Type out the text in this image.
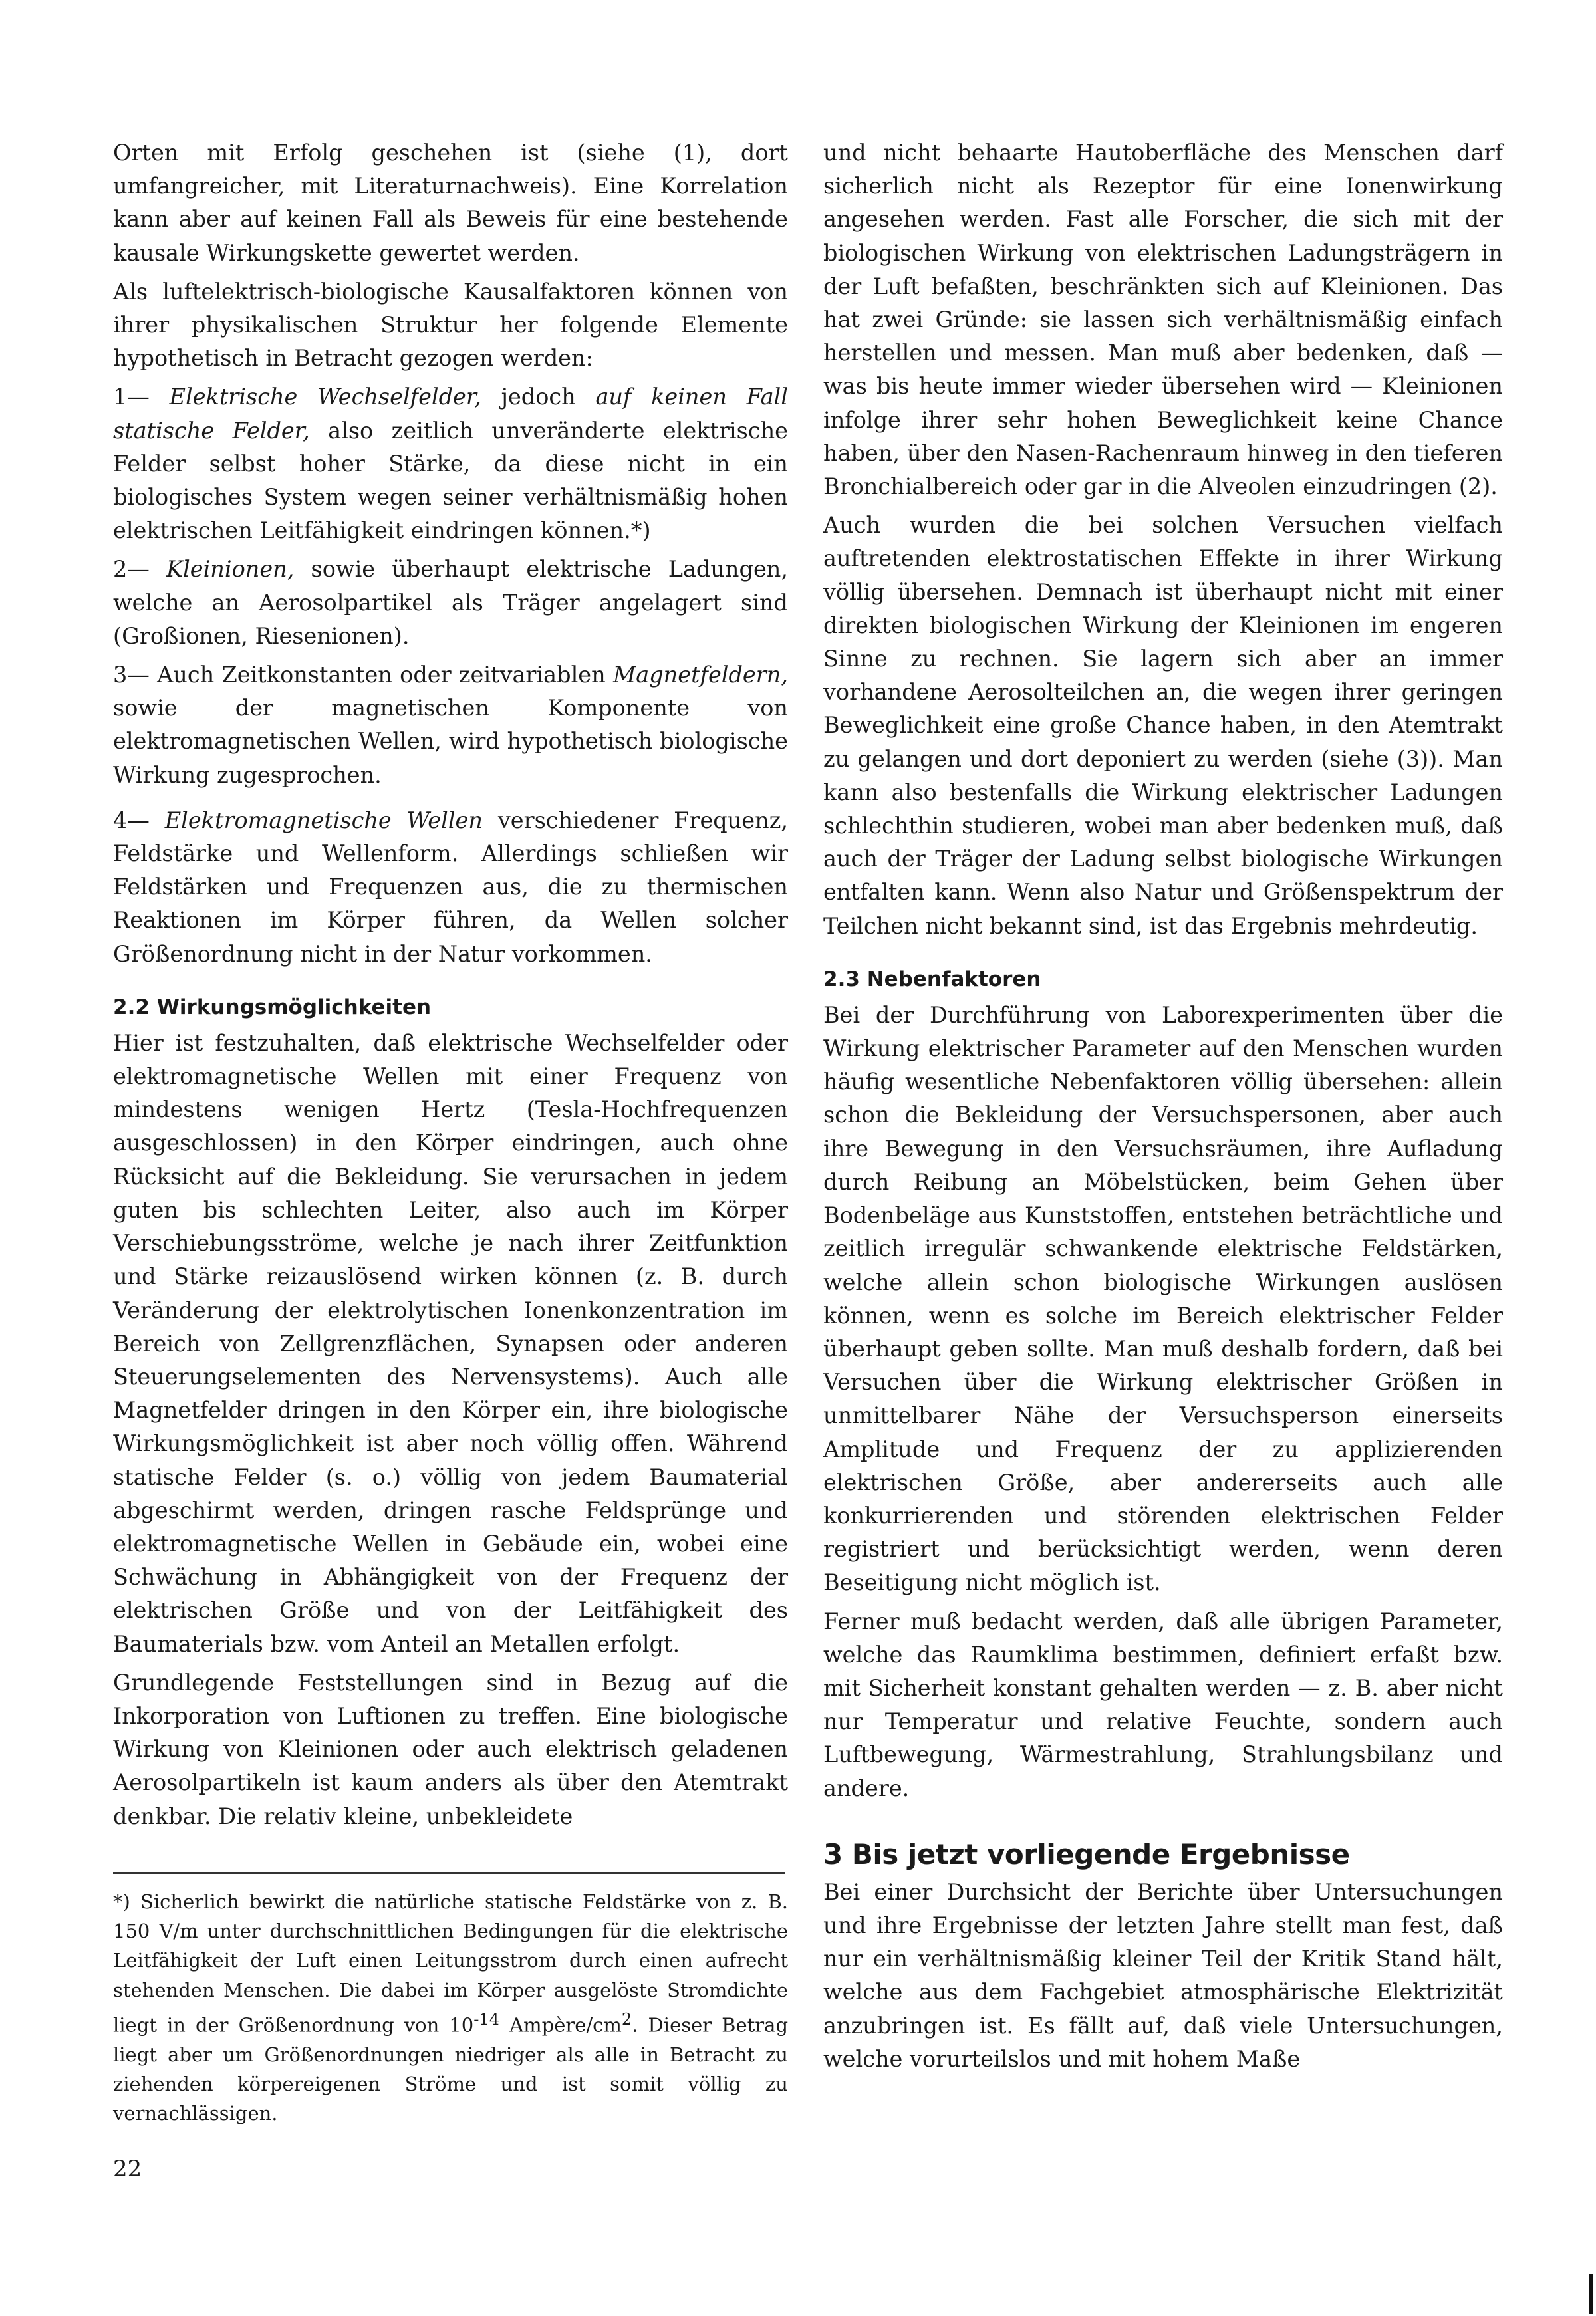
Orten mit Erfolg geschehen ist (siehe (1), dort umfangreicher, mit Literaturnachweis). Eine Korrelation kann aber auf keinen Fall als Beweis für eine bestehende kausale Wirkungskette gewertet werden.

Als luftelektrisch-biologische Kausalfaktoren können von ihrer physikalischen Struktur her folgende Elemente hypothetisch in Betracht gezogen werden:

1— Elektrische Wechselfelder, jedoch auf keinen Fall statische Felder, also zeitlich unveränderte elektrische Felder selbst hoher Stärke, da diese nicht in ein biologisches System wegen seiner verhältnismäßig hohen elektrischen Leitfähigkeit eindringen können.*)

2— Kleinionen, sowie überhaupt elektrische Ladungen, welche an Aerosolpartikel als Träger angelagert sind (Großionen, Riesenionen).

3— Auch Zeitkonstanten oder zeitvariablen Magnetfeldern, sowie der magnetischen Komponente von elektromagnetischen Wellen, wird hypothetisch biologische Wirkung zugesprochen.

4— Elektromagnetische Wellen verschiedener Frequenz, Feldstärke und Wellenform. Allerdings schließen wir Feldstärken und Frequenzen aus, die zu thermischen Reaktionen im Körper führen, da Wellen solcher Größenordnung nicht in der Natur vorkommen.

2.2 Wirkungsmöglichkeiten

Hier ist festzuhalten, daß elektrische Wechselfelder oder elektromagnetische Wellen mit einer Frequenz von mindestens wenigen Hertz (Tesla-Hochfrequenzen ausgeschlossen) in den Körper eindringen, auch ohne Rücksicht auf die Bekleidung. Sie verursachen in jedem guten bis schlechten Leiter, also auch im Körper Verschiebungsströme, welche je nach ihrer Zeitfunktion und Stärke reizauslösend wirken können (z. B. durch Veränderung der elektrolytischen Ionenkonzentration im Bereich von Zellgrenzflächen, Synapsen oder anderen Steuerungselementen des Nervensystems). Auch alle Magnetfelder dringen in den Körper ein, ihre biologische Wirkungsmöglichkeit ist aber noch völlig offen. Während statische Felder (s. o.) völlig von jedem Baumaterial abgeschirmt werden, dringen rasche Feldsprünge und elektromagnetische Wellen in Gebäude ein, wobei eine Schwächung in Abhängigkeit von der Frequenz der elektrischen Größe und von der Leitfähigkeit des Baumaterials bzw. vom Anteil an Metallen erfolgt.

Grundlegende Feststellungen sind in Bezug auf die Inkorporation von Luftionen zu treffen. Eine biologische Wirkung von Kleinionen oder auch elektrisch geladenen Aerosolpartikeln ist kaum anders als über den Atemtrakt denkbar. Die relativ kleine, unbekleidete

*) Sicherlich bewirkt die natürliche statische Feldstärke von z. B. 150 V/m unter durchschnittlichen Bedingungen für die elektrische Leitfähigkeit der Luft einen Leitungsstrom durch einen aufrecht stehenden Menschen. Die dabei im Körper ausgelöste Stromdichte liegt in der Größenordnung von $10^{-14}$ Ampère/$cm^2$. Dieser Betrag liegt aber um Größenordnungen niedriger als alle in Betracht zu ziehenden körpereigenen Ströme und ist somit völlig zu vernachlässigen.

22

und nicht behaarte Hautoberfläche des Menschen darf sicherlich nicht als Rezeptor für eine Ionenwirkung angesehen werden. Fast alle Forscher, die sich mit der biologischen Wirkung von elektrischen Ladungsträgern in der Luft befaßten, beschränkten sich auf Kleinionen. Das hat zwei Gründe: sie lassen sich verhältnismäßig einfach herstellen und messen. Man muß aber bedenken, daß — was bis heute immer wieder übersehen wird — Kleinionen infolge ihrer sehr hohen Beweglichkeit keine Chance haben, über den Nasen-Rachenraum hinweg in den tieferen Bronchialbereich oder gar in die Alveolen einzudringen (2).

Auch wurden die bei solchen Versuchen vielfach auftretenden elektrostatischen Effekte in ihrer Wirkung völlig übersehen. Demnach ist überhaupt nicht mit einer direkten biologischen Wirkung der Kleinionen im engeren Sinne zu rechnen. Sie lagern sich aber an immer vorhandene Aerosolteilchen an, die wegen ihrer geringen Beweglichkeit eine große Chance haben, in den Atemtrakt zu gelangen und dort deponiert zu werden (siehe (3)). Man kann also bestenfalls die Wirkung elektrischer Ladungen schlechthin studieren, wobei man aber bedenken muß, daß auch der Träger der Ladung selbst biologische Wirkungen entfalten kann. Wenn also Natur und Größenspektrum der Teilchen nicht bekannt sind, ist das Ergebnis mehrdeutig.

2.3 Nebenfaktoren

Bei der Durchführung von Laborexperimenten über die Wirkung elektrischer Parameter auf den Menschen wurden häufig wesentliche Nebenfaktoren völlig übersehen: allein schon die Bekleidung der Versuchspersonen, aber auch ihre Bewegung in den Versuchsräumen, ihre Aufladung durch Reibung an Möbelstücken, beim Gehen über Bodenbeläge aus Kunststoffen, entstehen beträchtliche und zeitlich irregulär schwankende elektrische Feldstärken, welche allein schon biologische Wirkungen auslösen können, wenn es solche im Bereich elektrischer Felder überhaupt geben sollte. Man muß deshalb fordern, daß bei Versuchen über die Wirkung elektrischer Größen in unmittelbarer Nähe der Versuchsperson einerseits Amplitude und Frequenz der zu applizierenden elektrischen Größe, aber andererseits auch alle konkurrierenden und störenden elektrischen Felder registriert und berücksichtigt werden, wenn deren Beseitigung nicht möglich ist.

Ferner muß bedacht werden, daß alle übrigen Parameter, welche das Raumklima bestimmen, definiert erfaßt bzw. mit Sicherheit konstant gehalten werden — z. B. aber nicht nur Temperatur und relative Feuchte, sondern auch Luftbewegung, Wärmestrahlung, Strahlungsbilanz und andere.

3 Bis jetzt vorliegende Ergebnisse

Bei einer Durchsicht der Berichte über Untersuchungen und ihre Ergebnisse der letzten Jahre stellt man fest, daß nur ein verhältnismäßig kleiner Teil der Kritik Stand hält, welche aus dem Fachgebiet atmosphärische Elektrizität anzubringen ist. Es fällt auf, daß viele Untersuchungen, welche vorurteilslos und mit hohem Maße
